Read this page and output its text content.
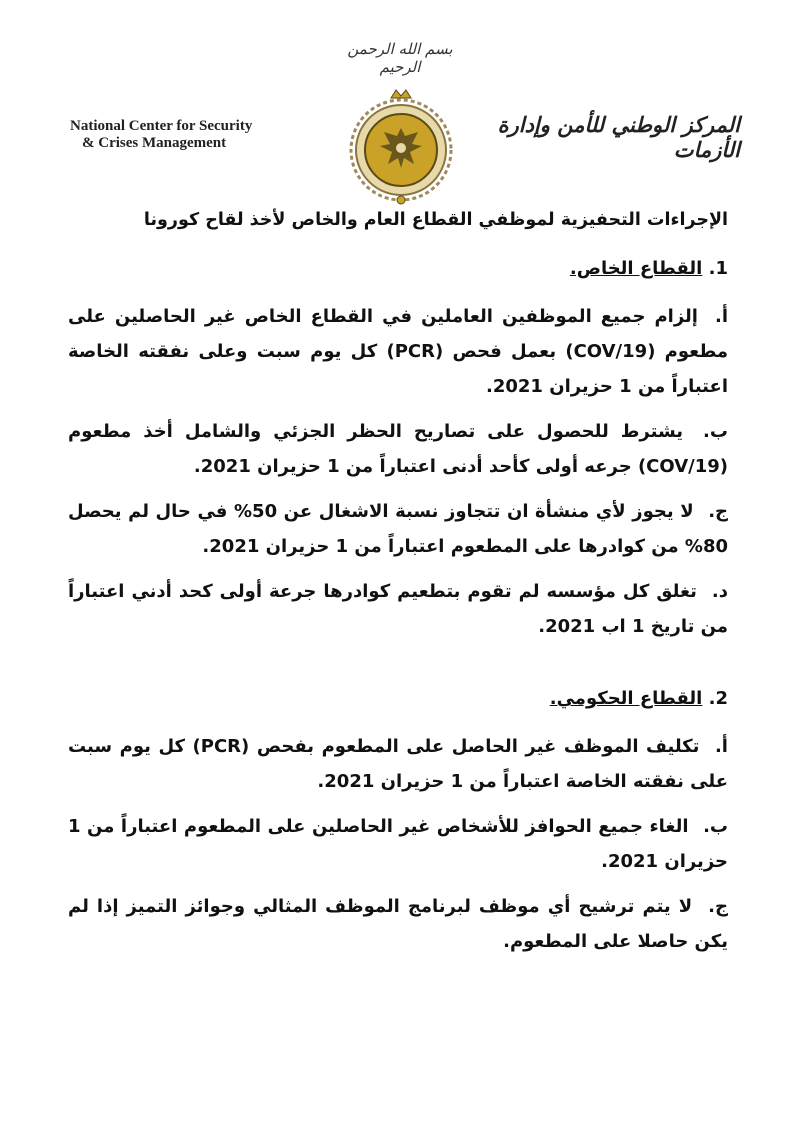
بسم الله الرحمن الرحيم
National Center for Security
& Crises Management
المركز الوطني للأمن وإدارة الأزمات
الإجراءات التحفيزية لموظفي القطاع العام والخاص لأخذ لقاح كورونا
1. القطاع الخاص.
أ. إلزام جميع الموظفين العاملين في القطاع الخاص غير الحاصلين على مطعوم (COV/19) بعمل فحص (PCR) كل يوم سبت وعلى نفقته الخاصة اعتباراً من 1 حزيران 2021.
ب. يشترط للحصول على تصاريح الحظر الجزئي والشامل أخذ مطعوم (COV/19) جرعه أولى كأحد أدنى اعتباراً من 1 حزيران 2021.
ج. لا يجوز لأي منشأة ان تتجاوز نسبة الاشغال عن 50% في حال لم يحصل 80% من كوادرها على المطعوم اعتباراً من 1 حزيران 2021.
د. تغلق كل مؤسسه لم تقوم بتطعيم كوادرها جرعة أولى كحد أدني اعتباراً من تاريخ 1 اب 2021.
2. القطاع الحكومي.
أ. تكليف الموظف غير الحاصل على المطعوم بفحص (PCR) كل يوم سبت على نفقته الخاصة اعتباراً من 1 حزيران 2021.
ب. الغاء جميع الحوافز للأشخاص غير الحاصلين على المطعوم اعتباراً من 1 حزيران 2021.
ج. لا يتم ترشيح أي موظف لبرنامج الموظف المثالي وجوائز التميز إذا لم يكن حاصلا على المطعوم.
